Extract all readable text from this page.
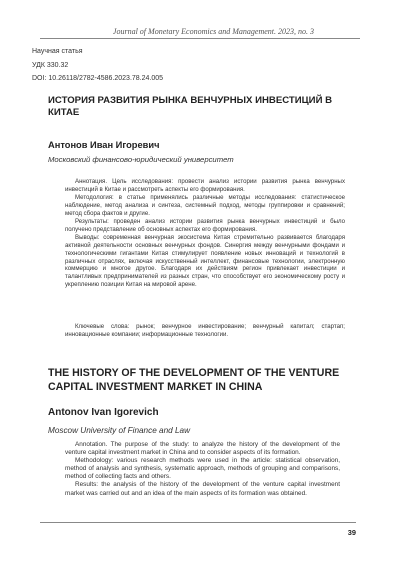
Journal of Monetary Economics and Management. 2023, no. 3
Научная статья
УДК 330.32
DOI: 10.26118/2782-4586.2023.78.24.005
ИСТОРИЯ РАЗВИТИЯ РЫНКА ВЕНЧУРНЫХ ИНВЕСТИЦИЙ В КИТАЕ
Антонов Иван Игоревич
Московский финансово-юридический университет

Аннотация. Цель исследования: провести анализ истории развития рынка венчурных инвестиций в Китае и рассмотреть аспекты его формирования.

Методология: в статье применялись различные методы исследования: статистическое наблюдение, метод анализа и синтеза, системный подход, методы группировки и сравнений; метод сбора фактов и другие.

Результаты: проведен анализ истории развития рынка венчурных инвестиций и было получено представление об основных аспектах его формирования.

Выводы: современная венчурная экосистема Китая стремительно развивается благодаря активной деятельности основных венчурных фондов. Синергия между венчурными фондами и технологическими гигантами Китая стимулирует появление новых инноваций и технологий в различных отраслях, включая искусственный интеллект, финансовые технологии, электронную коммерцию и многое другое. Благодаря их действиям регион привлекает инвестиции и талантливых предпринимателей из разных стран, что способствует его экономическому росту и укреплению позиции Китая на мировой арене.

Ключевые слова: рынок; венчурное инвестирование; венчурный капитал; стартап; инновационные компании; информационные технологии.
THE HISTORY OF THE DEVELOPMENT OF THE VENTURE CAPITAL INVESTMENT MARKET IN CHINA
Antonov Ivan Igorevich
Moscow University of Finance and Law

Annotation. The purpose of the study: to analyze the history of the development of the venture capital investment market in China and to consider aspects of its formation.

Methodology: various research methods were used in the article: statistical observation, method of analysis and synthesis, systematic approach, methods of grouping and comparisons, method of collecting facts and others.

Results: the analysis of the history of the development of the venture capital investment market was carried out and an idea of the main aspects of its formation was obtained.

39
